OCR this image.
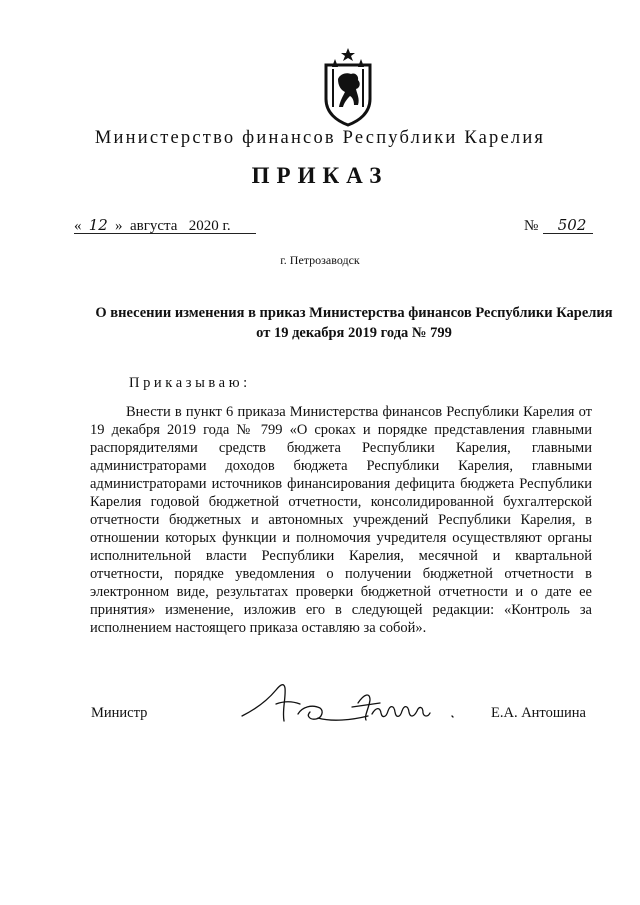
Министерство финансов Республики Карелия
ПРИКАЗ
« 12 »  августа   2020 г.	№ 502
г. Петрозаводск
О внесении изменения в приказ Министерства финансов Республики Карелия от 19 декабря 2019 года № 799
Приказываю:
Внести в пункт 6 приказа Министерства финансов Республики Карелия от 19 декабря 2019 года № 799 «О сроках и порядке представления главными распорядителями средств бюджета Республики Карелия, главными администраторами доходов бюджета Республики Карелия, главными администраторами источников финансирования дефицита бюджета Республики Карелия годовой бюджетной отчетности, консолидированной бухгалтерской отчетности бюджетных и автономных учреждений Республики Карелия, в отношении которых функции и полномочия учредителя осуществляют органы исполнительной власти Республики Карелия, месячной и квартальной отчетности, порядке уведомления о получении бюджетной отчетности в электронном виде, результатах проверки бюджетной отчетности и о дате ее принятия» изменение, изложив его в следующей редакции: «Контроль за исполнением настоящего приказа оставляю за собой».
Министр	Е.А. Антошина
